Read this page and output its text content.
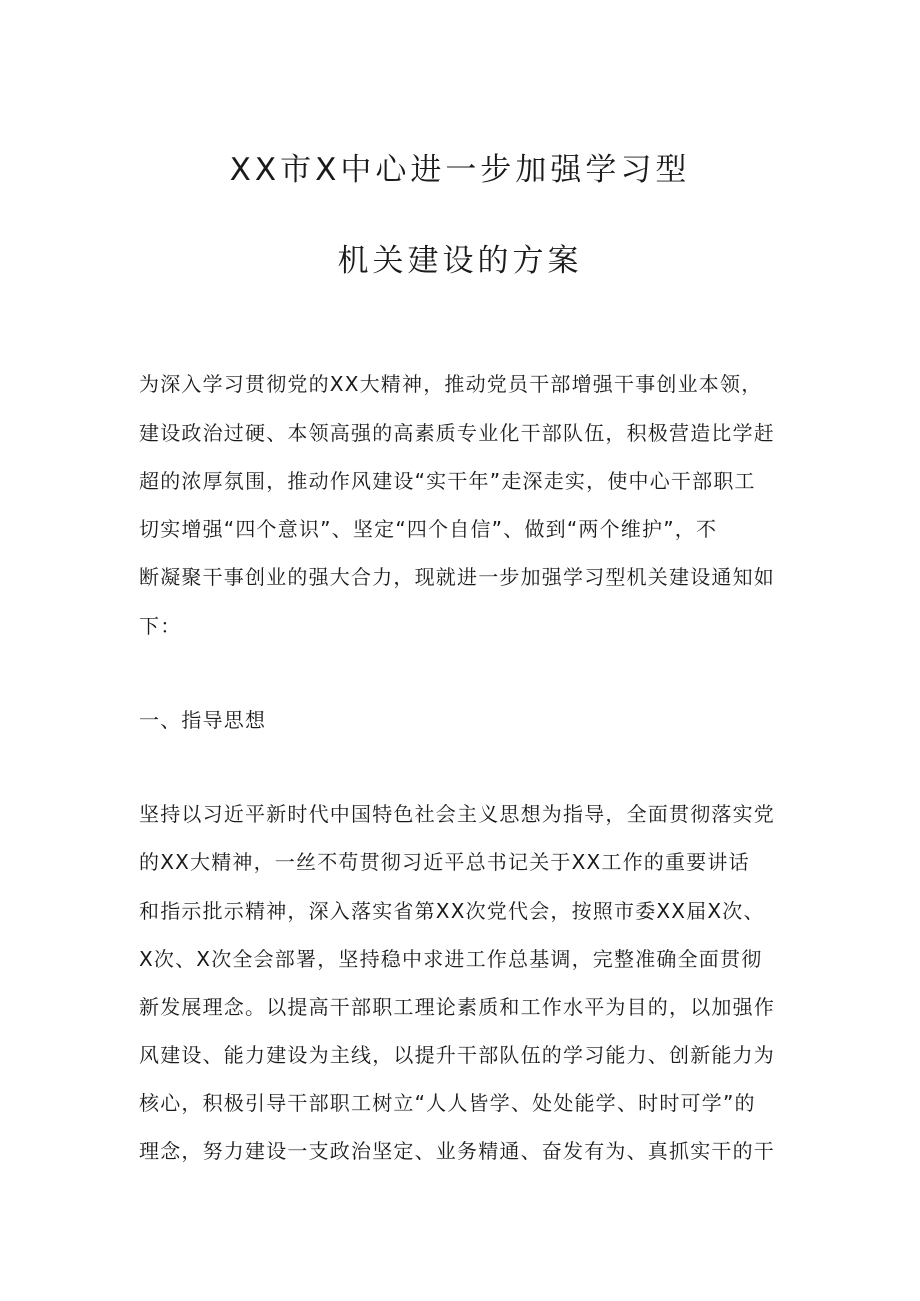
XX市X中心进一步加强学习型
机关建设的方案
为深入学习贯彻党的XX大精神，推动党员干部增强干事创业本领，
建设政治过硬、本领高强的高素质专业化干部队伍，积极营造比学赶
超的浓厚氛围，推动作风建设“实干年”走深走实，使中心干部职工
切实增强“四个意识”、坚定“四个自信”、做到“两个维护”，不
断凝聚干事创业的强大合力，现就进一步加强学习型机关建设通知如
下：
一、指导思想
坚持以习近平新时代中国特色社会主义思想为指导，全面贯彻落实党
的XX大精神，一丝不苟贯彻习近平总书记关于XX工作的重要讲话
和指示批示精神，深入落实省第XX次党代会，按照市委XX届X次、
X次、X次全会部署，坚持稳中求进工作总基调，完整准确全面贯彻
新发展理念。以提高干部职工理论素质和工作水平为目的，以加强作
风建设、能力建设为主线，以提升干部队伍的学习能力、创新能力为
核心，积极引导干部职工树立“人人皆学、处处能学、时时可学”的
理念，努力建设一支政治坚定、业务精通、奋发有为、真抓实干的干
